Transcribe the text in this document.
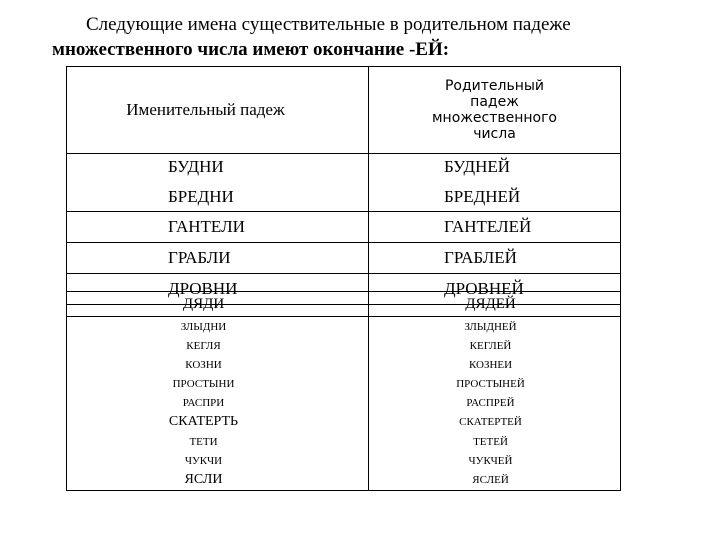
Следующие имена существительные в родительном падеже
множественного числа имеют окончание -ЕЙ:
Именительный падеж	Родительный
падеж
множественного
числа

БУДНИ	БУДНЕЙ
БРЕДНИ	БРЕДНЕЙ
ГАНТЕЛИ	ГАНТЕЛЕЙ
ГРАБЛИ	ГРАБЛЕЙ
ДРОВНИ	ДРОВНЕЙ
ДЯДИ	ДЯДЕЙ
ЗЛЫДНИ	ЗЛЫДНЕЙ
КЕГЛЯ	КЕГЛЕЙ
КОЗНИ	КОЗНЕИ
ПРОСТЫНИ	ПРОСТЫНЕЙ
РАСПРИ	РАСПРЕЙ
СКАТЕРТЬ	СКАТЕРТЕЙ
ТЕТИ	ТЕТЕЙ
ЧУКЧИ	ЧУКЧЕЙ
ЯСЛИ	ЯСЛЕЙ
